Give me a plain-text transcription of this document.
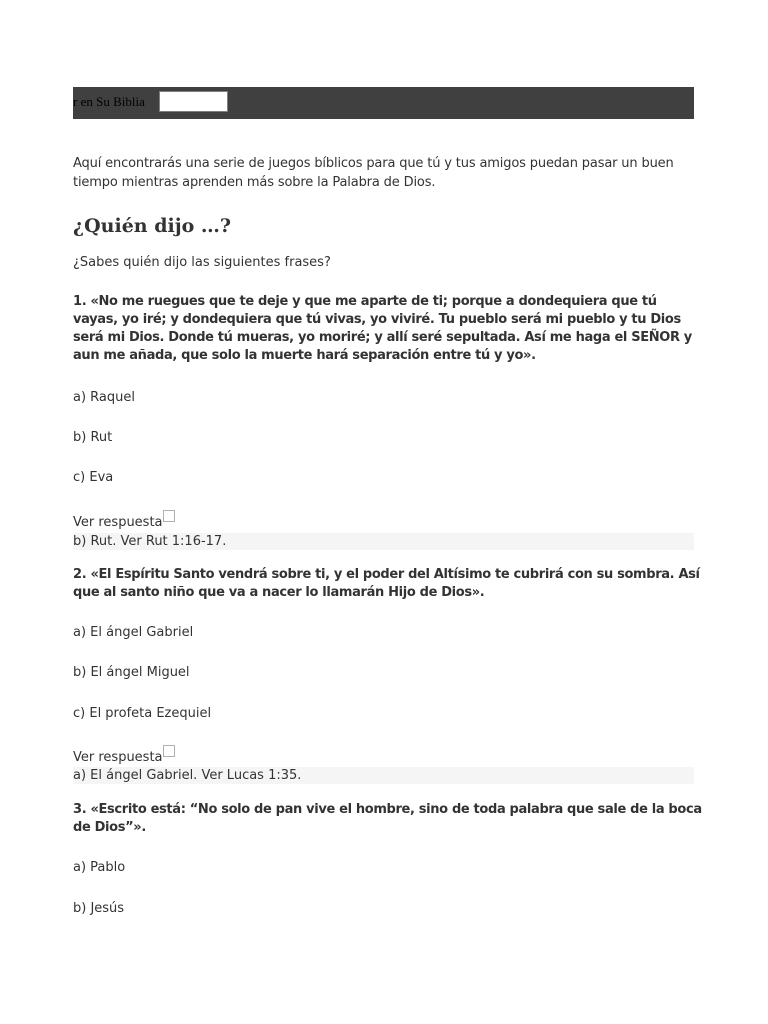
r en Su Biblia

Aquí encontrarás una serie de juegos bíblicos para que tú y tus amigos puedan pasar un buen tiempo mientras aprenden más sobre la Palabra de Dios.

¿Quién dijo …?

¿Sabes quién dijo las siguientes frases?

1. «No me ruegues que te deje y que me aparte de ti; porque a dondequiera que tú vayas, yo iré; y dondequiera que tú vivas, yo viviré. Tu pueblo será mi pueblo y tu Dios será mi Dios. Donde tú mueras, yo moriré; y allí seré sepultada. Así me haga el SEÑOR y aun me añada, que solo la muerte hará separación entre tú y yo».

a) Raquel

b) Rut

c) Eva

Ver respuesta
b) Rut. Ver Rut 1:16-17.

2. «El Espíritu Santo vendrá sobre ti, y el poder del Altísimo te cubrirá con su sombra. Así que al santo niño que va a nacer lo llamarán Hijo de Dios».

a) El ángel Gabriel

b) El ángel Miguel

c) El profeta Ezequiel

Ver respuesta
a) El ángel Gabriel. Ver Lucas 1:35.

3. «Escrito está: “No solo de pan vive el hombre, sino de toda palabra que sale de la boca de Dios”».

a) Pablo

b) Jesús
